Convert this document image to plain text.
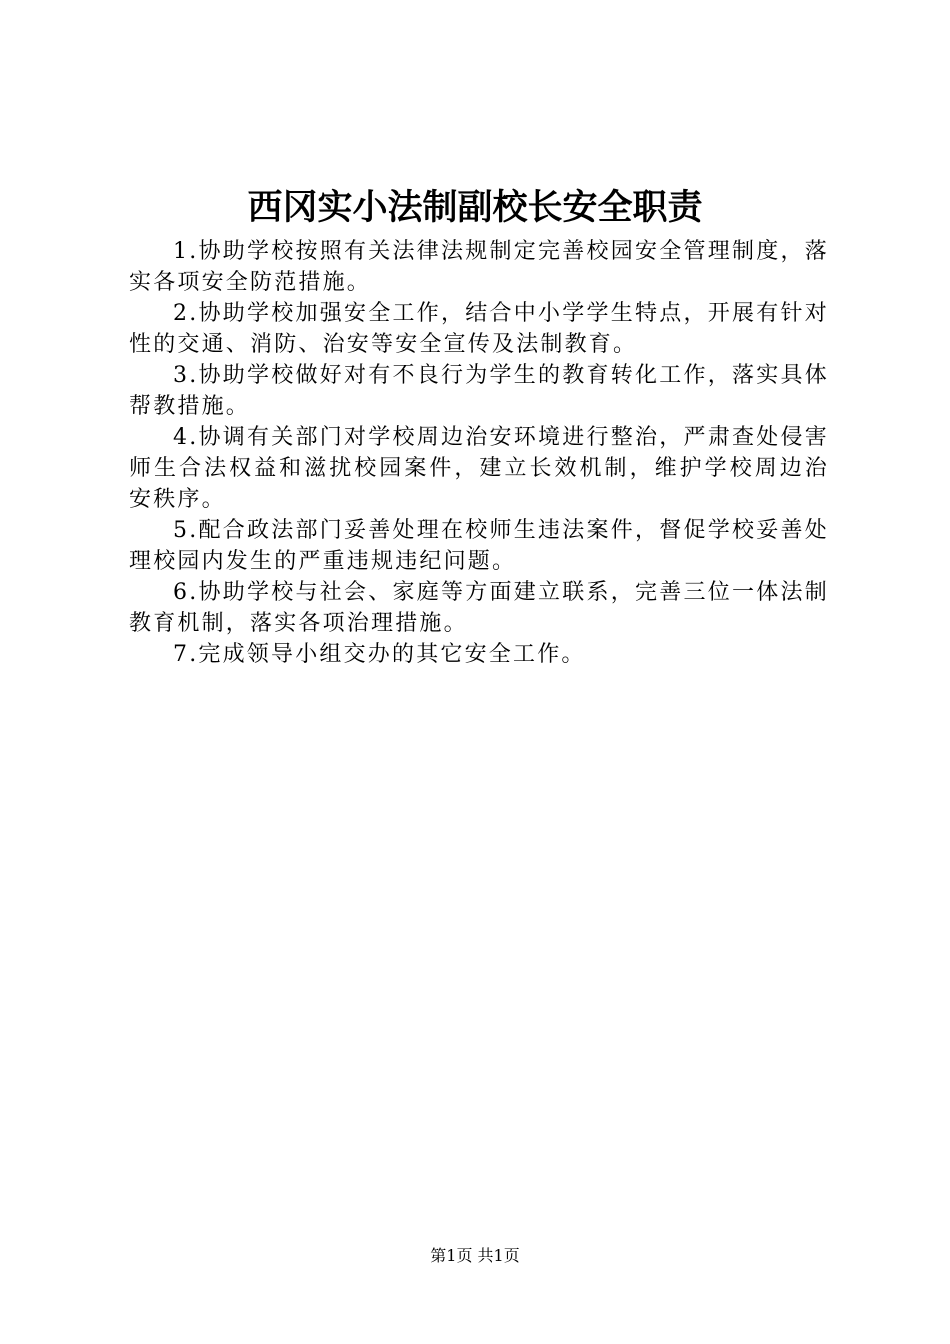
西冈实小法制副校长安全职责

1.协助学校按照有关法律法规制定完善校园安全管理制度，落实各项安全防范措施。

2.协助学校加强安全工作，结合中小学学生特点，开展有针对性的交通、消防、治安等安全宣传及法制教育。

3.协助学校做好对有不良行为学生的教育转化工作，落实具体帮教措施。

4.协调有关部门对学校周边治安环境进行整治，严肃查处侵害师生合法权益和滋扰校园案件，建立长效机制，维护学校周边治安秩序。

5.配合政法部门妥善处理在校师生违法案件，督促学校妥善处理校园内发生的严重违规违纪问题。

6.协助学校与社会、家庭等方面建立联系，完善三位一体法制教育机制，落实各项治理措施。

7.完成领导小组交办的其它安全工作。

第1页 共1页
